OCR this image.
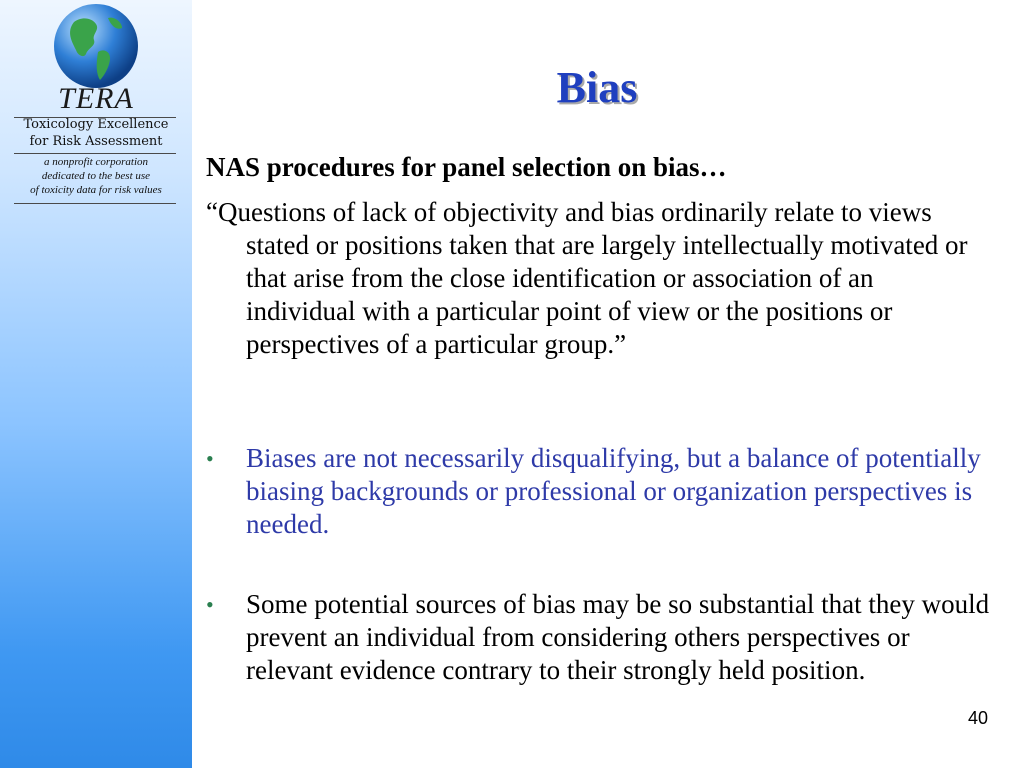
TERA
Toxicology Excellence
for Risk Assessment
a nonprofit corporation
dedicated to the best use
of toxicity data for risk values
Bias
NAS procedures for panel selection on bias…
“Questions of lack of objectivity and bias ordinarily relate to views stated or positions taken that are largely intellectually motivated or that arise from the close identification or association of an individual with a particular point of view or the positions or perspectives of a particular group.”
•	Biases are not necessarily disqualifying, but a balance of potentially biasing backgrounds or professional or organization perspectives is needed.
•	Some potential sources of bias may be so substantial that they would prevent an individual from considering others perspectives or relevant evidence contrary to their strongly held position.
40
